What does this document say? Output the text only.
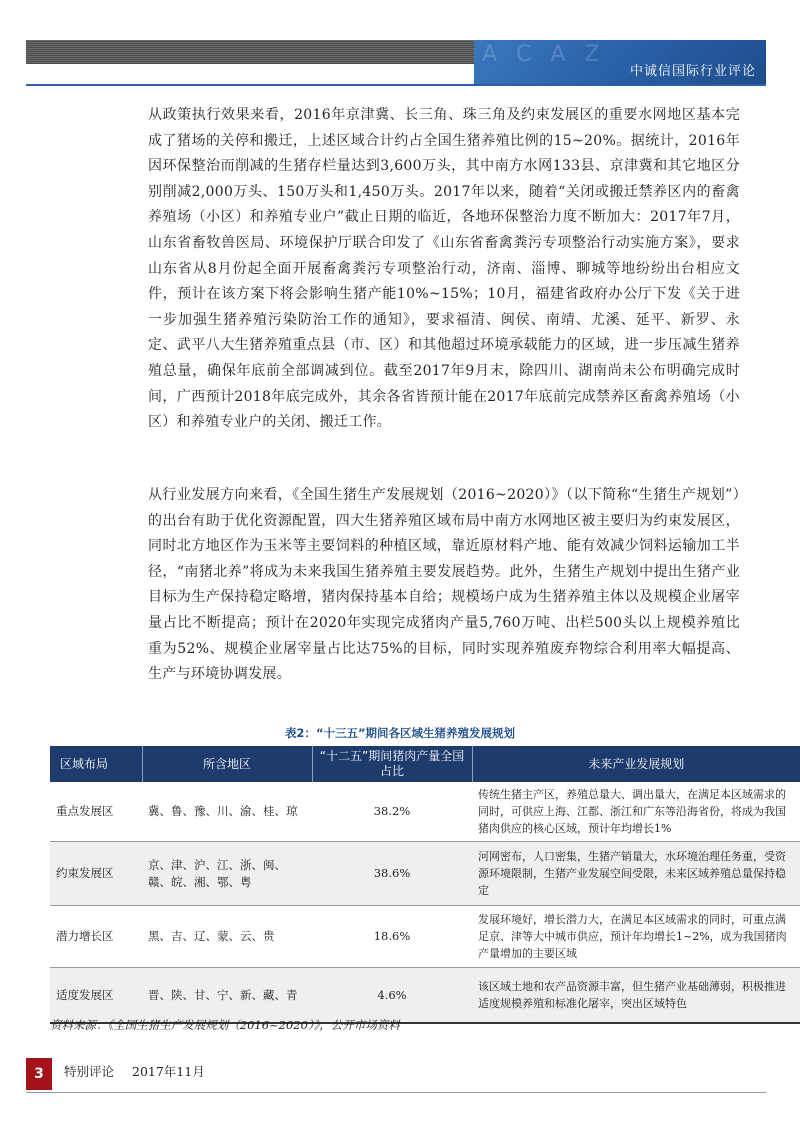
A C A Z
中诚信国际行业评论

从政策执行效果来看，2016年京津冀、长三角、珠三角及约束发展区的重要水网地区基本完成了猪场的关停和搬迁，上述区域合计约占全国生猪养殖比例的15~20%。据统计，2016年因环保整治而削减的生猪存栏量达到3,600万头，其中南方水网133县、京津冀和其它地区分别削减2,000万头、150万头和1,450万头。2017年以来，随着“关闭或搬迁禁养区内的畜禽养殖场（小区）和养殖专业户”截止日期的临近，各地环保整治力度不断加大：2017年7月，山东省畜牧兽医局、环境保护厅联合印发了《山东省畜禽粪污专项整治行动实施方案》，要求山东省从8月份起全面开展畜禽粪污专项整治行动，济南、淄博、聊城等地纷纷出台相应文件，预计在该方案下将会影响生猪产能10%~15%；10月，福建省政府办公厅下发《关于进一步加强生猪养殖污染防治工作的通知》，要求福清、闽侯、南靖、尤溪、延平、新罗、永定、武平八大生猪养殖重点县（市、区）和其他超过环境承载能力的区域，进一步压减生猪养殖总量，确保年底前全部调减到位。截至2017年9月末，除四川、湖南尚未公布明确完成时间，广西预计2018年底完成外，其余各省皆预计能在2017年底前完成禁养区畜禽养殖场（小区）和养殖专业户的关闭、搬迁工作。

从行业发展方向来看，《全国生猪生产发展规划（2016~2020）》（以下简称“生猪生产规划”）的出台有助于优化资源配置，四大生猪养殖区域布局中南方水网地区被主要归为约束发展区，同时北方地区作为玉米等主要饲料的种植区域，靠近原材料产地、能有效减少饲料运输加工半径，“南猪北养”将成为未来我国生猪养殖主要发展趋势。此外，生猪生产规划中提出生猪产业目标为生产保持稳定略增，猪肉保持基本自给；规模场户成为生猪养殖主体以及规模企业屠宰量占比不断提高；预计在2020年实现完成猪肉产量5,760万吨、出栏500头以上规模养殖比重为52%、规模企业屠宰量占比达75%的目标，同时实现养殖废弃物综合利用率大幅提高、生产与环境协调发展。

表2：“十三五”期间各区域生猪养殖发展规划
区域布局	所含地区	“十二五”期间猪肉产量全国占比	未来产业发展规划
重点发展区	冀、鲁、豫、川、渝、桂、琼	38.2%	传统生猪主产区，养殖总量大、调出量大，在满足本区域需求的同时，可供应上海、江都、浙江和广东等沿海省份，将成为我国猪肉供应的核心区域，预计年均增长1%
约束发展区	京、津、沪、江、浙、闽、赣、皖、湘、鄂、粤	38.6%	河网密布，人口密集，生猪产销量大，水环境治理任务重，受资源环境限制，生猪产业发展空间受限，未来区域养殖总量保持稳定
潜力增长区	黑、吉、辽、蒙、云、贵	18.6%	发展环境好，增长潜力大，在满足本区域需求的同时，可重点满足京、津等大中城市供应，预计年均增长1~2%，成为我国猪肉产量增加的主要区域
适度发展区	晋、陕、甘、宁、新、藏、青	4.6%	该区域土地和农产品资源丰富，但生猪产业基础薄弱，积极推进适度规模养殖和标准化屠宰，突出区域特色
资料来源：《全国生猪生产发展规划（2016~2020）》，公开市场资料
3	特别评论 2017年11月
